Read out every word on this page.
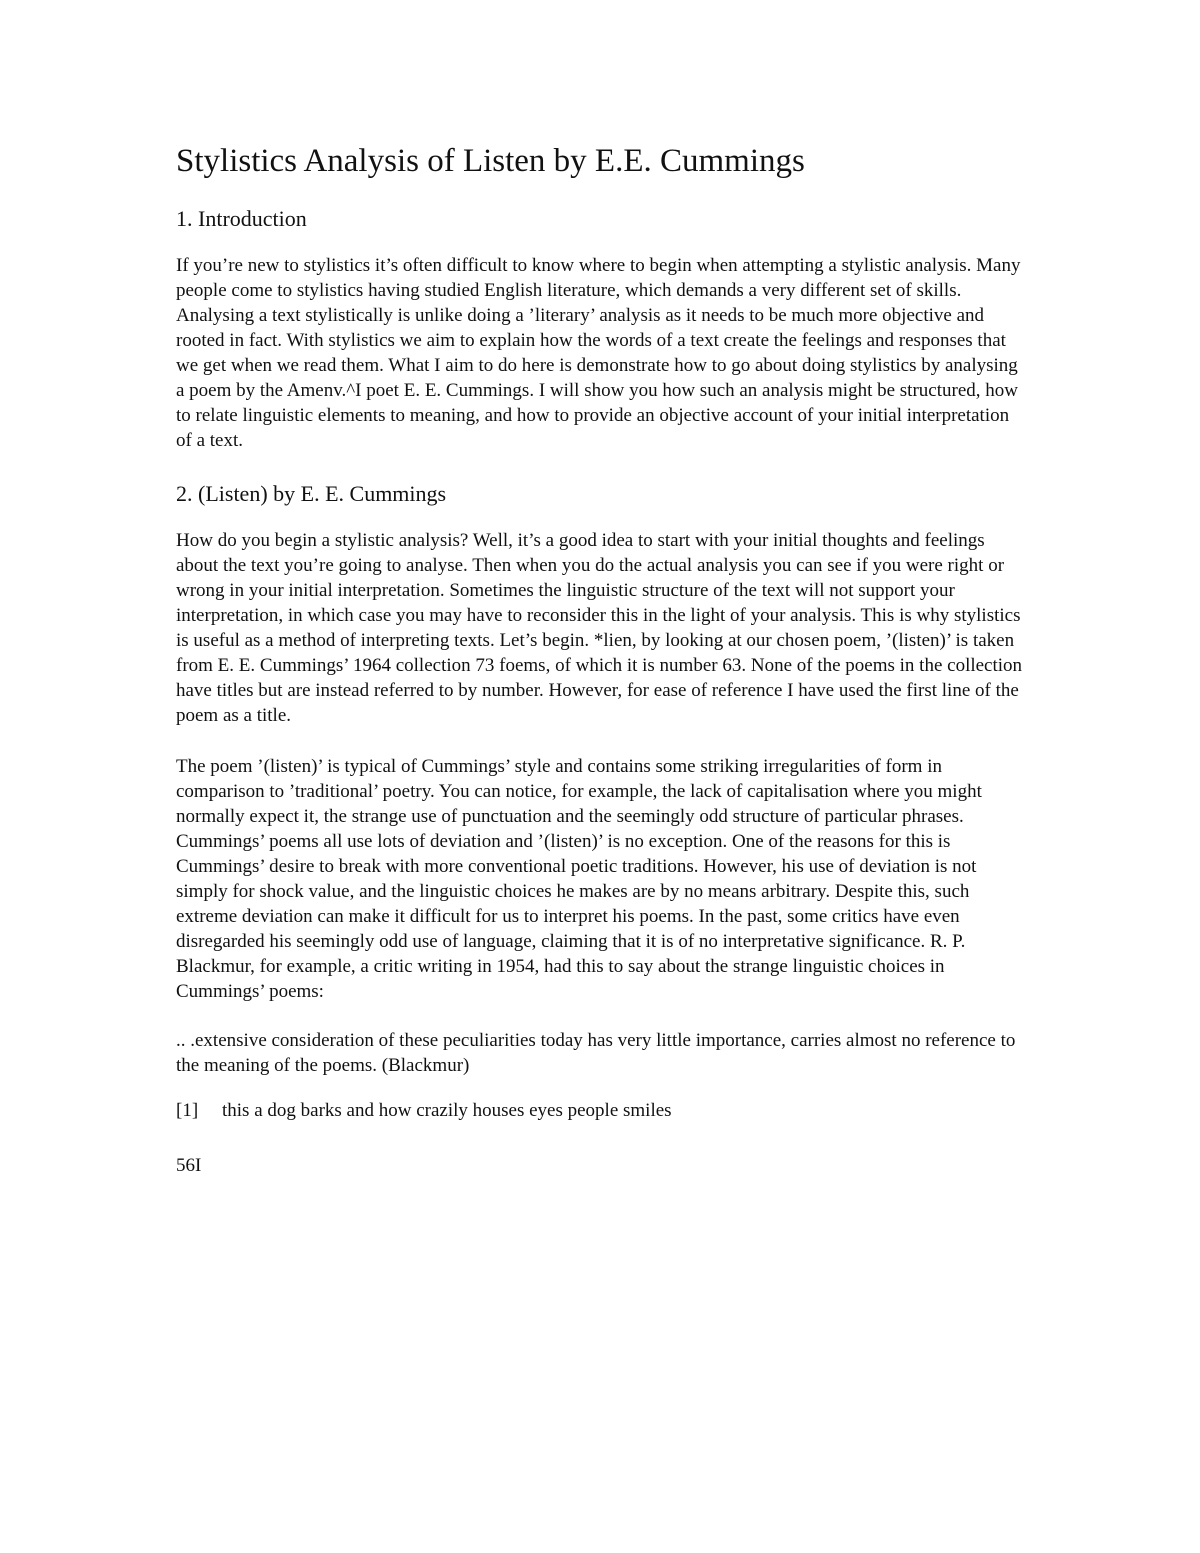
Stylistics Analysis of Listen by E.E. Cummings
1. Introduction

If you’re new to stylistics it’s often difficult to know where to begin when attempting a stylistic analysis. Many people come to stylistics having studied English literature, which demands a very different set of skills. Analysing a text stylistically is unlike doing a ’literary’ analysis as it needs to be much more objective and rooted in fact. With stylistics we aim to explain how the words of a text create the feelings and responses that we get when we read them. What I aim to do here is demonstrate how to go about doing stylistics by analysing a poem by the Amenv.^I poet E. E. Cummings. I will show you how such an analysis might be structured, how to relate linguistic elements to meaning, and how to provide an objective account of your initial interpretation of a text.

2. (Listen) by E. E. Cummings

How do you begin a stylistic analysis? Well, it’s a good idea to start with your initial thoughts and feelings about the text you’re going to analyse. Then when you do the actual analysis you can see if you were right or wrong in your initial interpretation. Sometimes the linguistic structure of the text will not support your interpretation, in which case you may have to reconsider this in the light of your analysis. This is why stylistics is useful as a method of interpreting texts. Let’s begin. *lien, by looking at our chosen poem, ’(listen)’ is taken from E. E. Cummings’ 1964 collection 73 foems, of which it is number 63. None of the poems in the collection have titles but are instead referred to by number. However, for ease of reference I have used the first line of the poem as a title.

The poem ’(listen)’ is typical of Cummings’ style and contains some striking irregularities of form in comparison to ’traditional’ poetry. You can notice, for example, the lack of capitalisation where you might normally expect it, the strange use of punctuation and the seemingly odd structure of particular phrases. Cummings’ poems all use lots of deviation and ’(listen)’ is no exception. One of the reasons for this is Cummings’ desire to break with more conventional poetic traditions. However, his use of deviation is not simply for shock value, and the linguistic choices he makes are by no means arbitrary. Despite this, such extreme deviation can make it difficult for us to interpret his poems. In the past, some critics have even disregarded his seemingly odd use of language, claiming that it is of no interpretative significance. R. P. Blackmur, for example, a critic writing in 1954, had this to say about the strange linguistic choices in Cummings’ poems:

.. .extensive consideration of these peculiarities today has very little importance, carries almost no reference to the meaning of the poems. (Blackmur)

[1] this a dog barks and how crazily houses eyes people smiles

56I
